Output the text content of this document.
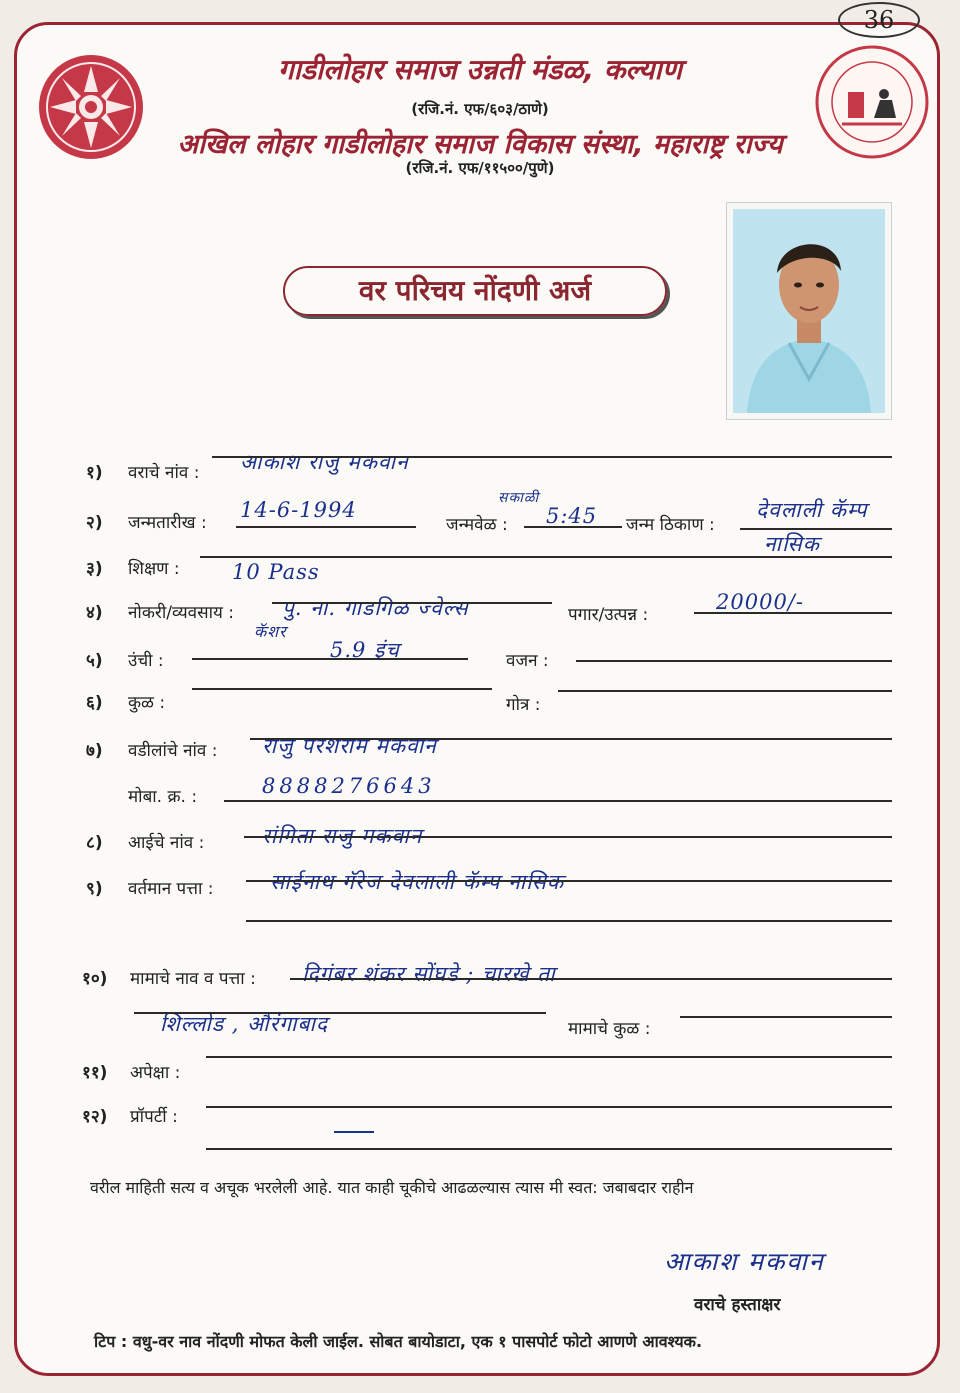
36
गाडीलोहार समाज उन्नती मंडळ, कल्याण
(रजि.नं. एफ/६०३/ठाणे)
अखिल लोहार गाडीलोहार समाज विकास संस्था, महाराष्ट्र राज्य
(रजि.नं. एफ/११५००/पुणे)
वर परिचय नोंदणी अर्ज
१) वराचे नांव : आकाश राजु मकवान
२) जन्मतारीख :
14-6-1994
जन्मवेळ :
सकाळी
5:45 जन्म ठिकाण :
देवलाली कॅम्प
नासिक
३) शिक्षण : 10 Pass
४) नोकरी/व्यवसाय : पु. ना. गाडगिळ ज्वेल्स
कॅशर
पगार/उत्पन्न :
20000/-
५) उंची :	5.9 इंच	वजन :
६) कुळ :	गोत्र :
७) वडीलांचे नांव : राजु परशराम मकवान
मोबा. क्र. :	8888276643
८) आईचे नांव :	संगिता राजु मकवान
९) वर्तमान पत्ता :	साईनाथ गॅरेज देवलाली कॅम्प नासिक
१०) मामाचे नाव व पत्ता : दिगंबर शंकर सोंघडे ; चारखे ता
शिल्लोड , औरंगाबाद	मामाचे कुळ :
११) अपेक्षा :
१२) प्रॉपर्टी :
वरील माहिती सत्य व अचूक भरलेली आहे. यात काही चूकीचे आढळल्यास त्यास मी स्वत: जबाबदार राहीन
आकाश मकवान
वराचे हस्ताक्षर
टिप : वधु-वर नाव नोंदणी मोफत केली जाईल. सोबत बायोडाटा, एक १ पासपोर्ट फोटो आणणे आवश्यक.
